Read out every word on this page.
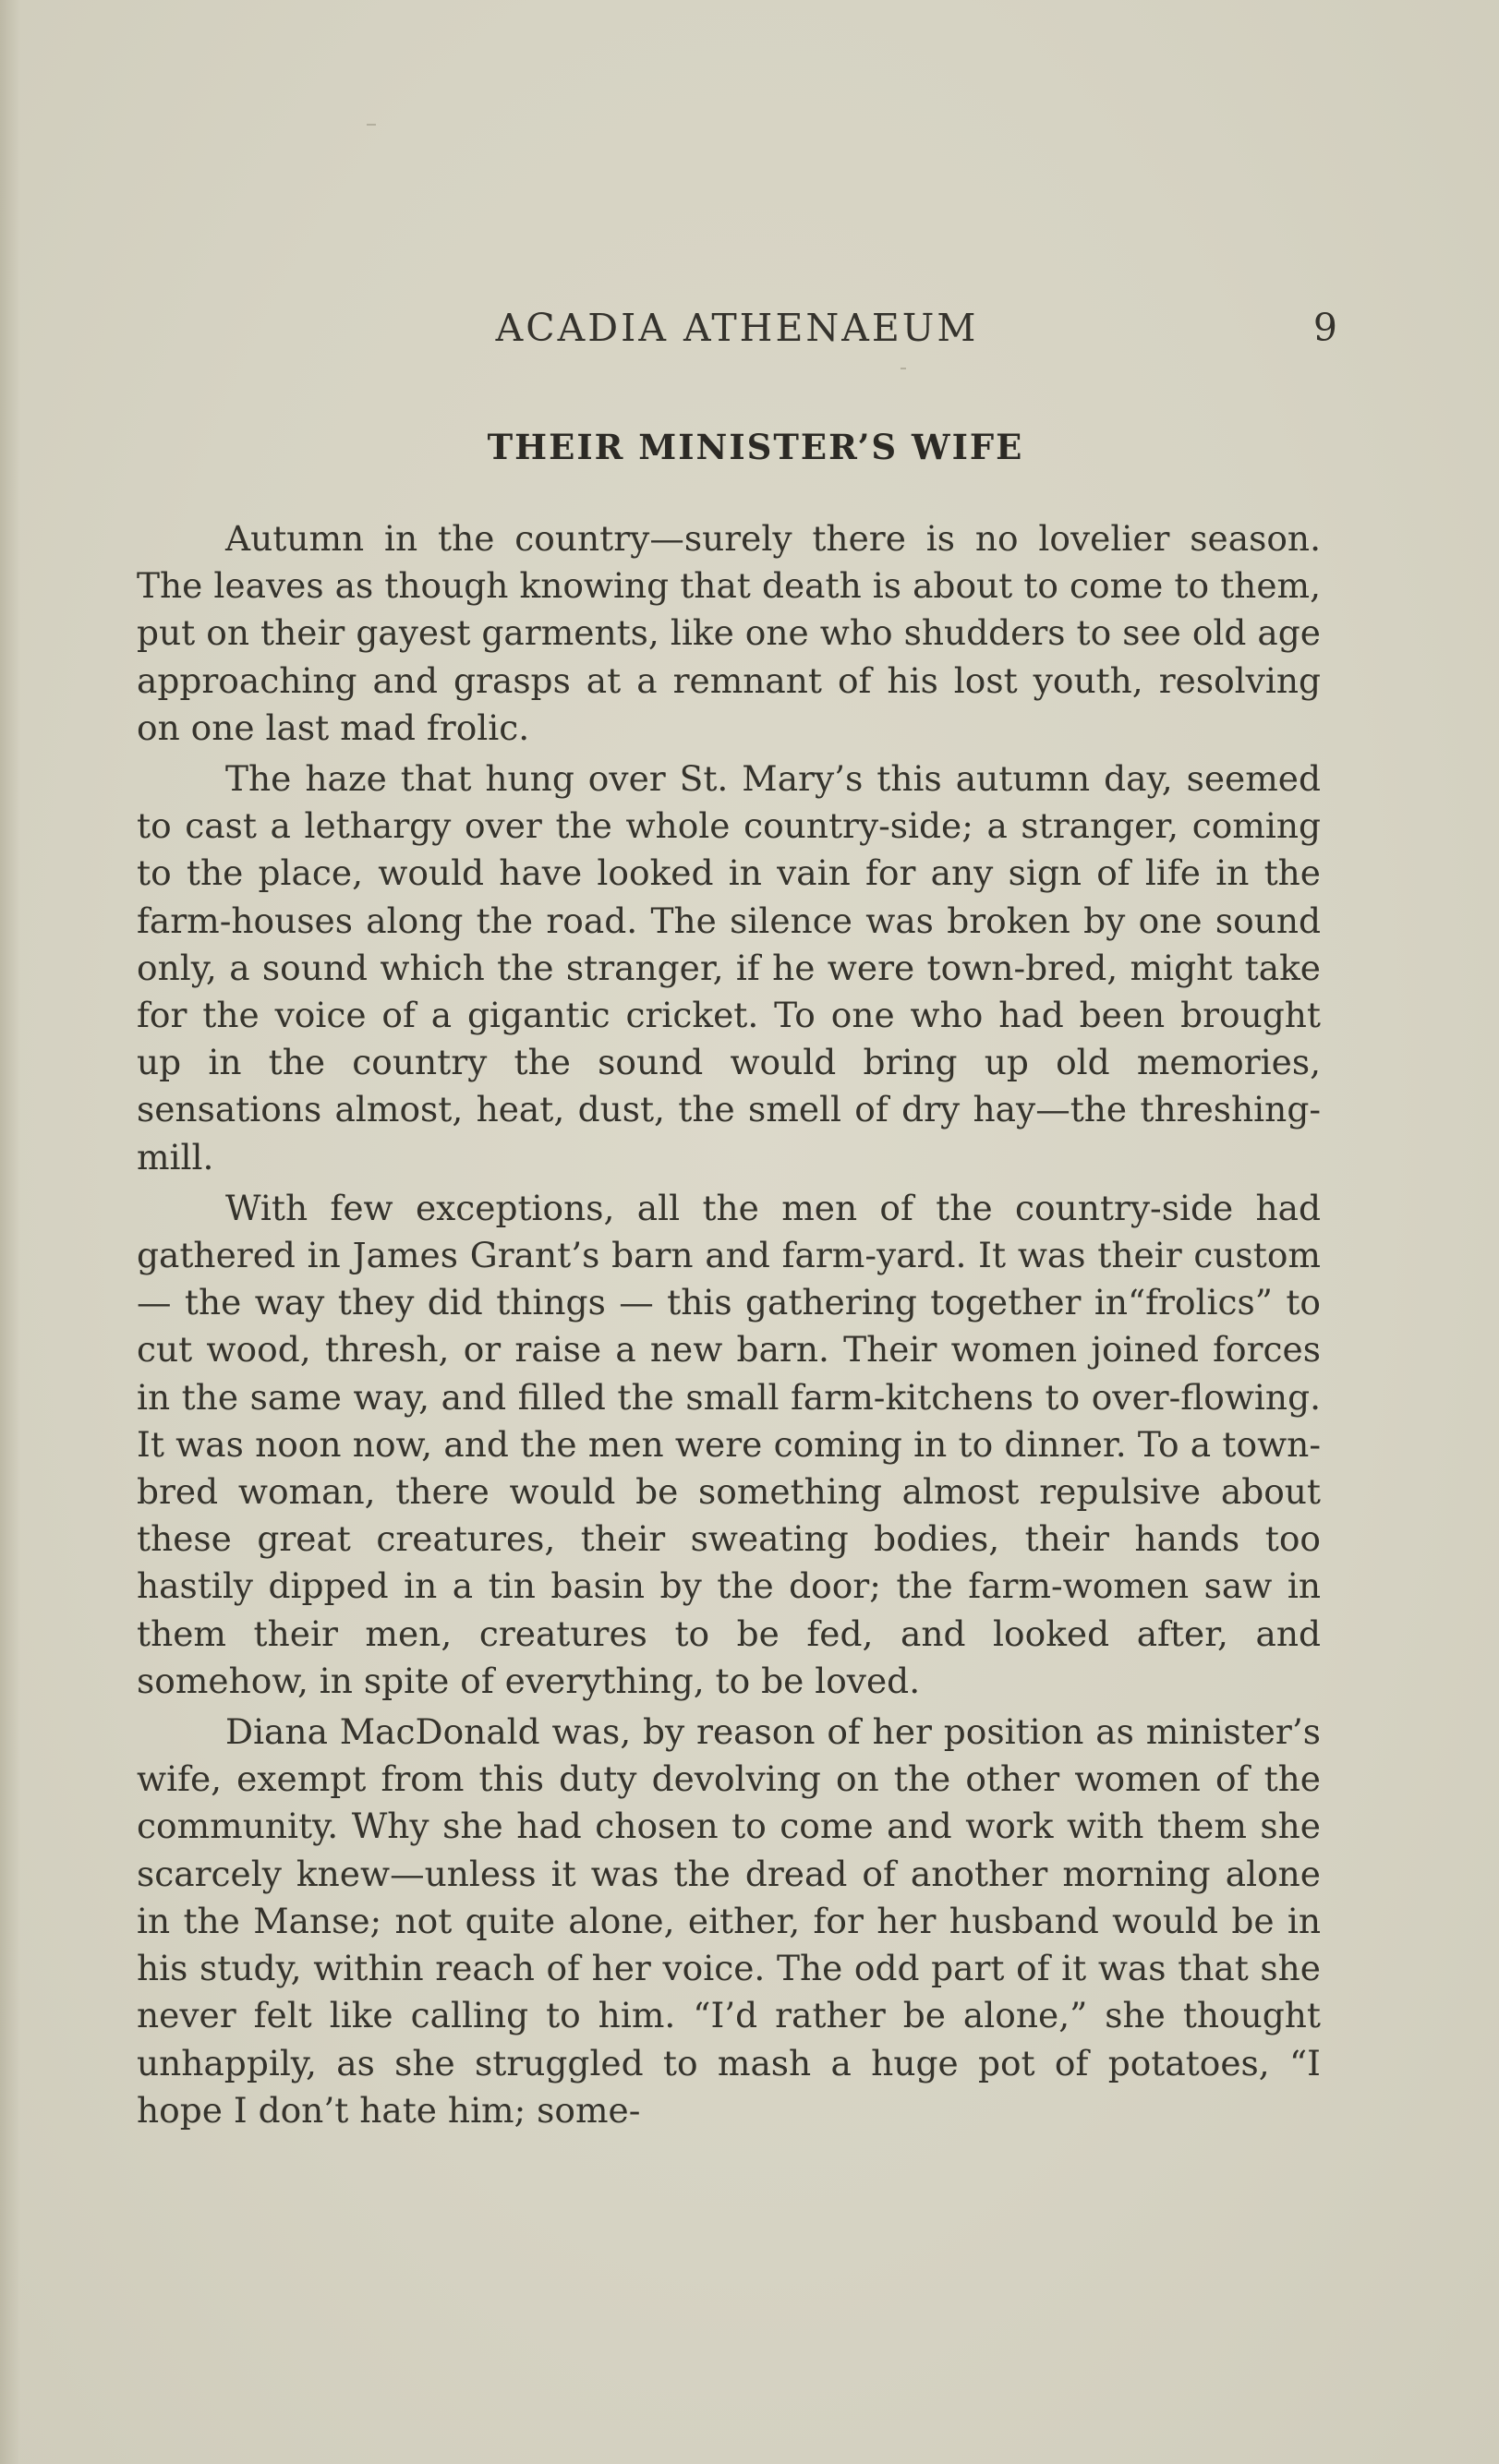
ACADIA ATHENAEUM	9
THEIR MINISTER’S WIFE

Autumn in the country—surely there is no lovelier season. The leaves as though knowing that death is about to come to them, put on their gayest garments, like one who shudders to see old age approaching and grasps at a remnant of his lost youth, resolving on one last mad frolic.

The haze that hung over St. Mary’s this autumn day, seemed to cast a lethargy over the whole country-side; a stranger, coming to the place, would have looked in vain for any sign of life in the farm-houses along the road. The silence was broken by one sound only, a sound which the stranger, if he were town-bred, might take for the voice of a gigantic cricket. To one who had been brought up in the country the sound would bring up old memories, sensations almost, heat, dust, the smell of dry hay—the threshing-mill.

With few exceptions, all the men of the country-side had gathered in James Grant’s barn and farm-yard. It was their custom — the way they did things — this gathering together in“frolics” to cut wood, thresh, or raise a new barn. Their women joined forces in the same way, and filled the small farm-kitchens to over-flowing. It was noon now, and the men were coming in to dinner. To a town-bred woman, there would be something almost repulsive about these great creatures, their sweating bodies, their hands too hastily dipped in a tin basin by the door; the farm-women saw in them their men, creatures to be fed, and looked after, and somehow, in spite of everything, to be loved.

Diana MacDonald was, by reason of her position as minister’s wife, exempt from this duty devolving on the other women of the community. Why she had chosen to come and work with them she scarcely knew—unless it was the dread of another morning alone in the Manse; not quite alone, either, for her husband would be in his study, within reach of her voice. The odd part of it was that she never felt like calling to him. “I’d rather be alone,” she thought unhappily, as she struggled to mash a huge pot of potatoes, “I hope I don’t hate him; some-
